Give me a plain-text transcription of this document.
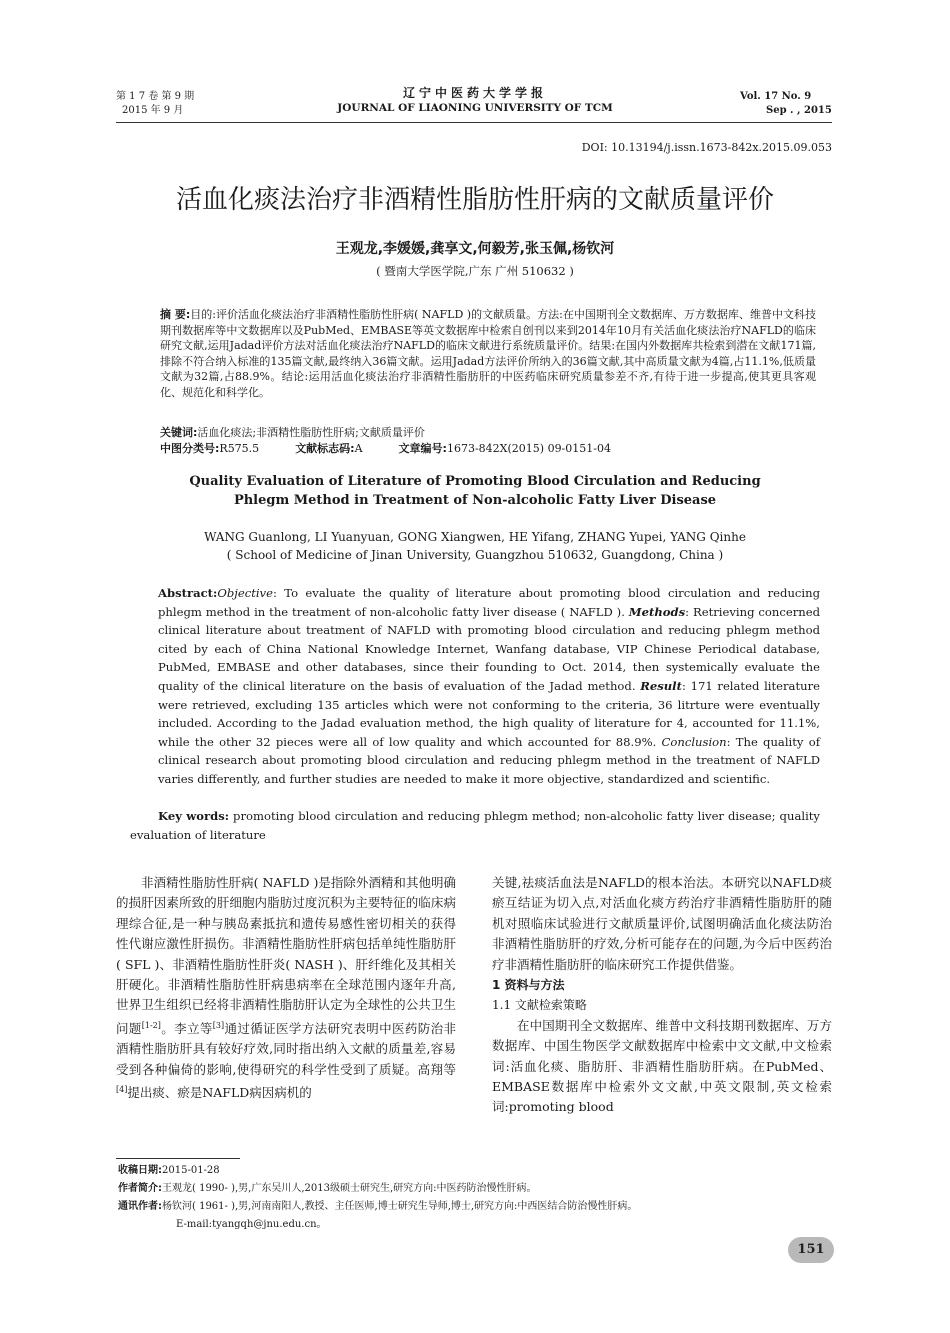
第 1 7 卷 第 9 期
2015 年 9 月
辽宁中医药大学学报
JOURNAL OF LIAONING UNIVERSITY OF TCM
Vol. 17 No. 9
Sep . , 2015
DOI: 10.13194/j.issn.1673-842x.2015.09.053
活血化痰法治疗非酒精性脂肪性肝病的文献质量评价
王观龙,李媛媛,龚享文,何毅芳,张玉佩,杨钦河
( 暨南大学医学院,广东 广州 510632 )
摘 要:目的:评价活血化痰法治疗非酒精性脂肪性肝病( NAFLD )的文献质量。方法:在中国期刊全文数据库、万方数据库、维普中文科技期刊数据库等中文数据库以及PubMed、EMBASE等英文数据库中检索自创刊以来到2014年10月有关活血化痰法治疗NAFLD的临床研究文献,运用Jadad评价方法对活血化痰法治疗NAFLD的临床文献进行系统质量评价。结果:在国内外数据库共检索到潜在文献171篇,排除不符合纳入标准的135篇文献,最终纳入36篇文献。运用Jadad方法评价所纳入的36篇文献,其中高质量文献为4篇,占11.1%,低质量文献为32篇,占88.9%。结论:运用活血化痰法治疗非酒精性脂肪肝的中医药临床研究质量参差不齐,有待于进一步提高,使其更具客观化、规范化和科学化。
关键词:活血化痰法;非酒精性脂肪性肝病;文献质量评价
中图分类号:R575.5	文献标志码:A	文章编号:1673-842X(2015) 09-0151-04
Quality Evaluation of Literature of Promoting Blood Circulation and Reducing
Phlegm Method in Treatment of Non-alcoholic Fatty Liver Disease
WANG Guanlong, LI Yuanyuan, GONG Xiangwen, HE Yifang, ZHANG Yupei, YANG Qinhe
( School of Medicine of Jinan University, Guangzhou 510632, Guangdong, China )
Abstract:Objective: To evaluate the quality of literature about promoting blood circulation and reducing phlegm method in the treatment of non-alcoholic fatty liver disease ( NAFLD ). Methods: Retrieving concerned clinical literature about treatment of NAFLD with promoting blood circulation and reducing phlegm method cited by each of China National Knowledge Internet, Wanfang database, VIP Chinese Periodical database, PubMed, EMBASE and other databases, since their founding to Oct. 2014, then systemically evaluate the quality of the clinical literature on the basis of evaluation of the Jadad method. Result: 171 related literature were retrieved, excluding 135 articles which were not conforming to the criteria, 36 litrture were eventually included. According to the Jadad evaluation method, the high quality of literature for 4, accounted for 11.1%, while the other 32 pieces were all of low quality and which accounted for 88.9%. Conclusion: The quality of clinical research about promoting blood circulation and reducing phlegm method in the treatment of NAFLD varies differently, and further studies are needed to make it more objective, standardized and scientific.
Key words: promoting blood circulation and reducing phlegm method; non-alcoholic fatty liver disease; quality evaluation of literature

非酒精性脂肪性肝病( NAFLD )是指除外酒精和其他明确的损肝因素所致的肝细胞内脂肪过度沉积为主要特征的临床病理综合征,是一种与胰岛素抵抗和遗传易感性密切相关的获得性代谢应激性肝损伤。非酒精性脂肪性肝病包括单纯性脂肪肝( SFL )、非酒精性脂肪性肝炎( NASH )、肝纤维化及其相关肝硬化。非酒精性脂肪性肝病患病率在全球范围内逐年升高,世界卫生组织已经将非酒精性脂肪肝认定为全球性的公共卫生问题[1-2]。李立等[3]通过循证医学方法研究表明中医药防治非酒精性脂肪肝具有较好疗效,同时指出纳入文献的质量差,容易受到各种偏倚的影响,使得研究的科学性受到了质疑。高翔等[4]提出痰、瘀是NAFLD病因病机的

关键,祛痰活血法是NAFLD的根本治法。本研究以NAFLD痰瘀互结证为切入点,对活血化痰方药治疗非酒精性脂肪肝的随机对照临床试验进行文献质量评价,试图明确活血化痰法防治非酒精性脂肪肝的疗效,分析可能存在的问题,为今后中医药治疗非酒精性脂肪肝的临床研究工作提供借鉴。

1 资料与方法

1.1 文献检索策略

在中国期刊全文数据库、维普中文科技期刊数据库、万方数据库、中国生物医学文献数据库中检索中文文献,中文检索词:活血化痰、脂肪肝、非酒精性脂肪肝病。在PubMed、EMBASE数据库中检索外文文献,中英文限制,英文检索词:promoting blood

收稿日期:2015-01-28
作者简介:王观龙( 1990- ),男,广东吴川人,2013级硕士研究生,研究方向:中医药防治慢性肝病。
通讯作者:杨钦河( 1961- ),男,河南南阳人,教授、主任医师,博士研究生导师,博士,研究方向:中西医结合防治慢性肝病。
E-mail:tyangqh@jnu.edu.cn。
151
